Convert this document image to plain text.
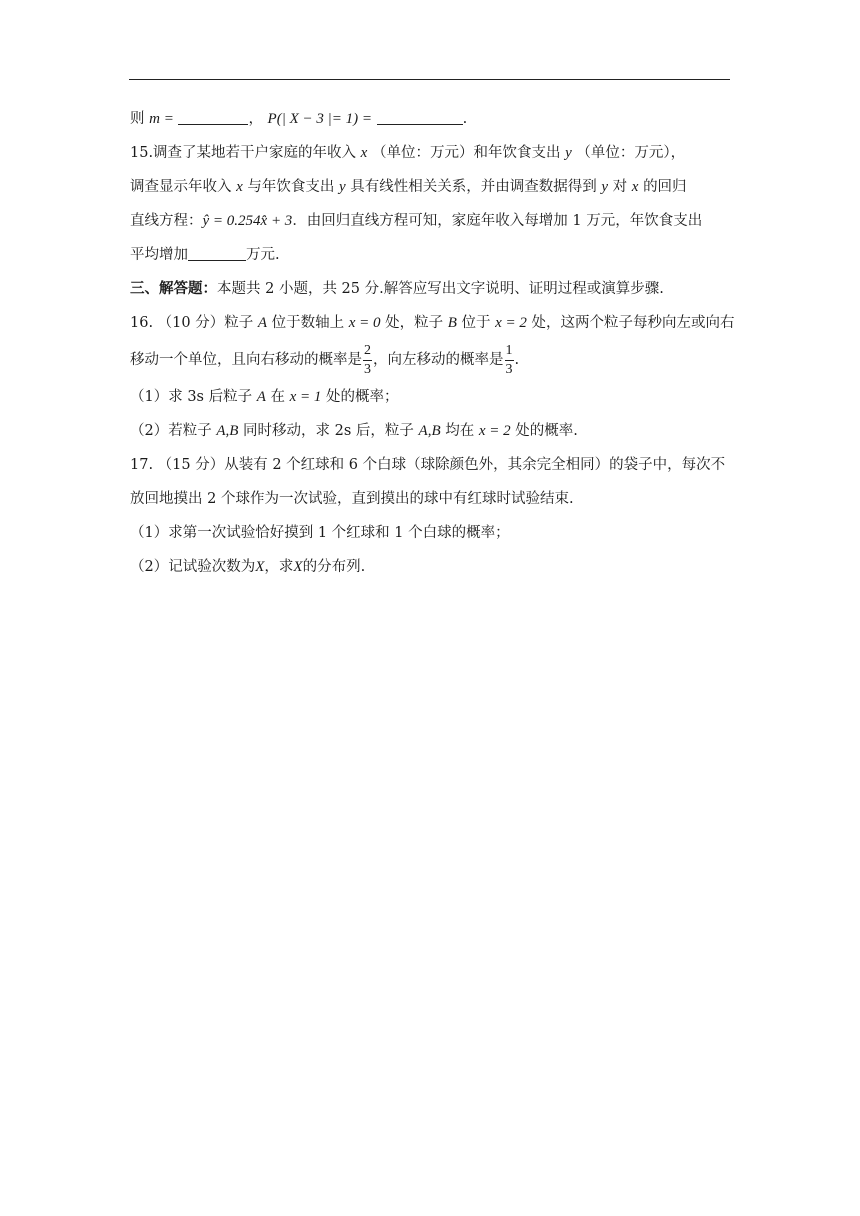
则 m =	， P(| X − 3 |= 1) =	.
15.调查了某地若干户家庭的年收入 x （单位：万元）和年饮食支出 y （单位：万元），
调查显示年收入 x 与年饮食支出 y 具有线性相关关系，并由调查数据得到 y 对 x 的回归
直线方程：ŷ = 0.254x̂ + 3．由回归直线方程可知，家庭年收入每增加 1 万元，年饮食支出
平均增加	万元.
三、解答题：本题共 2 小题，共 25 分.解答应写出文字说明、证明过程或演算步骤.
16. （10 分）粒子 A 位于数轴上 x = 0 处，粒子 B 位于 x = 2 处，这两个粒子每秒向左或向右
移动一个单位，且向右移动的概率是 $\frac{2}{3}$ ，向左移动的概率是 $\frac{1}{3}$ .
（1）求 3s 后粒子 A 在 x = 1 处的概率；
（2）若粒子 A,B 同时移动，求 2s 后，粒子 A,B 均在 x = 2 处的概率.
17. （15 分）从装有 2 个红球和 6 个白球（球除颜色外，其余完全相同）的袋子中，每次不
放回地摸出 2 个球作为一次试验，直到摸出的球中有红球时试验结束.
（1）求第一次试验恰好摸到 1 个红球和 1 个白球的概率；
（2）记试验次数为X，求X的分布列.
